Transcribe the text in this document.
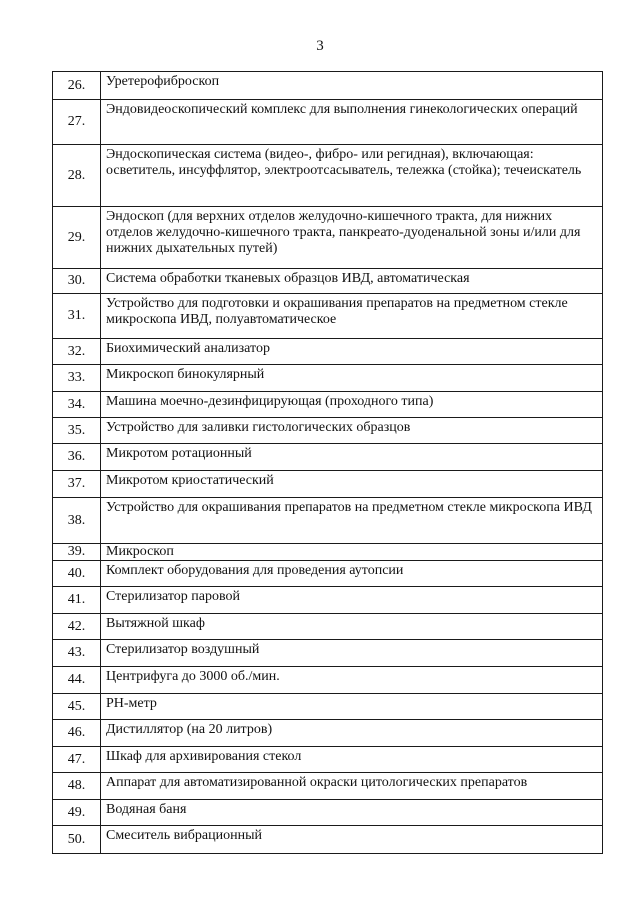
3
26.	Уретерофиброскоп

27.	Эндовидеоскопический комплекс для выполнения гинекологических операций

28.	Эндоскопическая система (видео-, фибро- или регидная), включающая: осветитель, инсуффлятор, электроотсасыватель, тележка (стойка); течеискатель

29.	Эндоскоп (для верхних отделов желудочно-кишечного тракта, для нижних отделов желудочно-кишечного тракта, панкреато-дуоденальной зоны и/или для нижних дыхательных путей)

30.	Система обработки тканевых образцов ИВД, автоматическая

31.	Устройство для подготовки и окрашивания препаратов на предметном стекле микроскопа ИВД, полуавтоматическое

32.	Биохимический анализатор

33.	Микроскоп бинокулярный

34.	Машина моечно-дезинфицирующая (проходного типа)

35.	Устройство для заливки гистологических образцов

36.	Микротом ротационный

37.	Микротом криостатический

38.	Устройство для окрашивания препаратов на предметном стекле микроскопа ИВД

39.	Микроскоп

40.	Комплект оборудования для проведения аутопсии

41.	Стерилизатор паровой

42.	Вытяжной шкаф

43.	Стерилизатор воздушный

44.	Центрифуга до 3000 об./мин.

45.	РН-метр

46.	Дистиллятор (на 20 литров)

47.	Шкаф для архивирования стекол

48.	Аппарат для автоматизированной окраски цитологических препаратов

49.	Водяная баня

50.	Смеситель вибрационный
